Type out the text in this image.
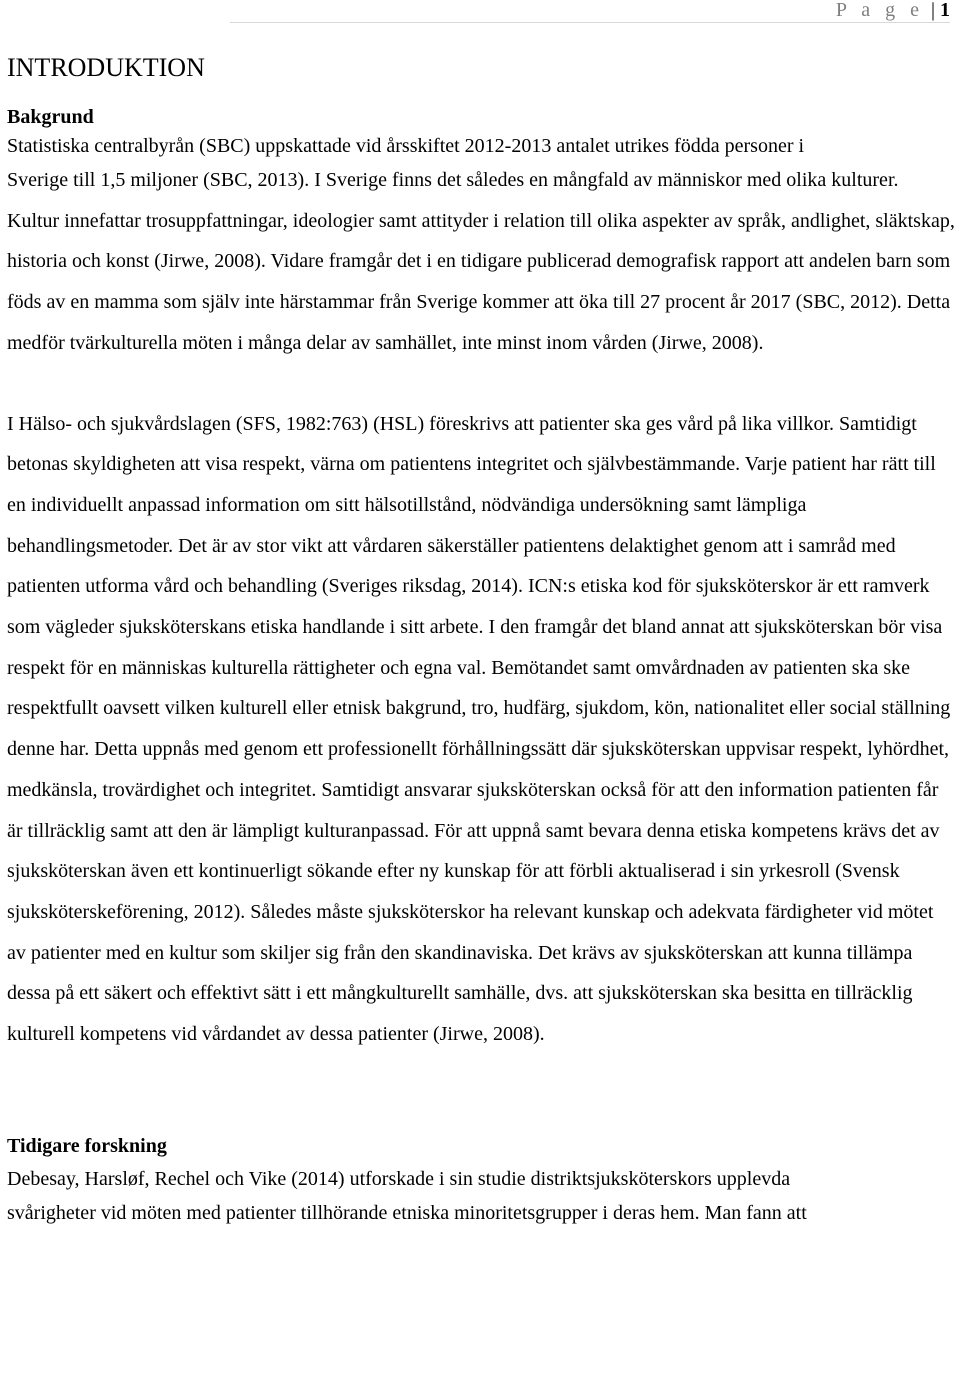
P a g e | 1
INTRODUKTION
Bakgrund

Statistiska centralbyrån (SBC) uppskattade vid årsskiftet 2012-2013 antalet utrikes födda personer i

Sverige till 1,5 miljoner (SBC, 2013). I Sverige finns det således en mångfald av människor med olika kulturer. Kultur innefattar trosuppfattningar, ideologier samt attityder i relation till olika aspekter av språk, andlighet, släktskap, historia och konst (Jirwe, 2008). Vidare framgår det i en tidigare publicerad demografisk rapport att andelen barn som föds av en mamma som själv inte härstammar från Sverige kommer att öka till 27 procent år 2017 (SBC, 2012). Detta medför tvärkulturella möten i många delar av samhället, inte minst inom vården (Jirwe, 2008).

I Hälso- och sjukvårdslagen (SFS, 1982:763) (HSL) föreskrivs att patienter ska ges vård på lika villkor. Samtidigt betonas skyldigheten att visa respekt, värna om patientens integritet och självbestämmande. Varje patient har rätt till en individuellt anpassad information om sitt hälsotillstånd, nödvändiga undersökning samt lämpliga behandlingsmetoder. Det är av stor vikt att vårdaren säkerställer patientens delaktighet genom att i samråd med patienten utforma vård och behandling (Sveriges riksdag, 2014). ICN:s etiska kod för sjuksköterskor är ett ramverk som vägleder sjuksköterskans etiska handlande i sitt arbete. I den framgår det bland annat att sjuksköterskan bör visa respekt för en människas kulturella rättigheter och egna val. Bemötandet samt omvårdnaden av patienten ska ske respektfullt oavsett vilken kulturell eller etnisk bakgrund, tro, hudfärg, sjukdom, kön, nationalitet eller social ställning denne har. Detta uppnås med genom ett professionellt förhållningssätt där sjuksköterskan uppvisar respekt, lyhördhet, medkänsla, trovärdighet och integritet. Samtidigt ansvarar sjuksköterskan också för att den information patienten får är tillräcklig samt att den är lämpligt kulturanpassad. För att uppnå samt bevara denna etiska kompetens krävs det av sjuksköterskan även ett kontinuerligt sökande efter ny kunskap för att förbli aktualiserad i sin yrkesroll (Svensk sjuksköterskeförening, 2012). Således måste sjuksköterskor ha relevant kunskap och adekvata färdigheter vid mötet av patienter med en kultur som skiljer sig från den skandinaviska. Det krävs av sjuksköterskan att kunna tillämpa dessa på ett säkert och effektivt sätt i ett mångkulturellt samhälle, dvs. att sjuksköterskan ska besitta en tillräcklig kulturell kompetens vid vårdandet av dessa patienter (Jirwe, 2008).

Tidigare forskning

Debesay, Harsløf, Rechel och Vike (2014) utforskade i sin studie distriktsjuksköterskors upplevda

svårigheter vid möten med patienter tillhörande etniska minoritetsgrupper i deras hem. Man fann att
